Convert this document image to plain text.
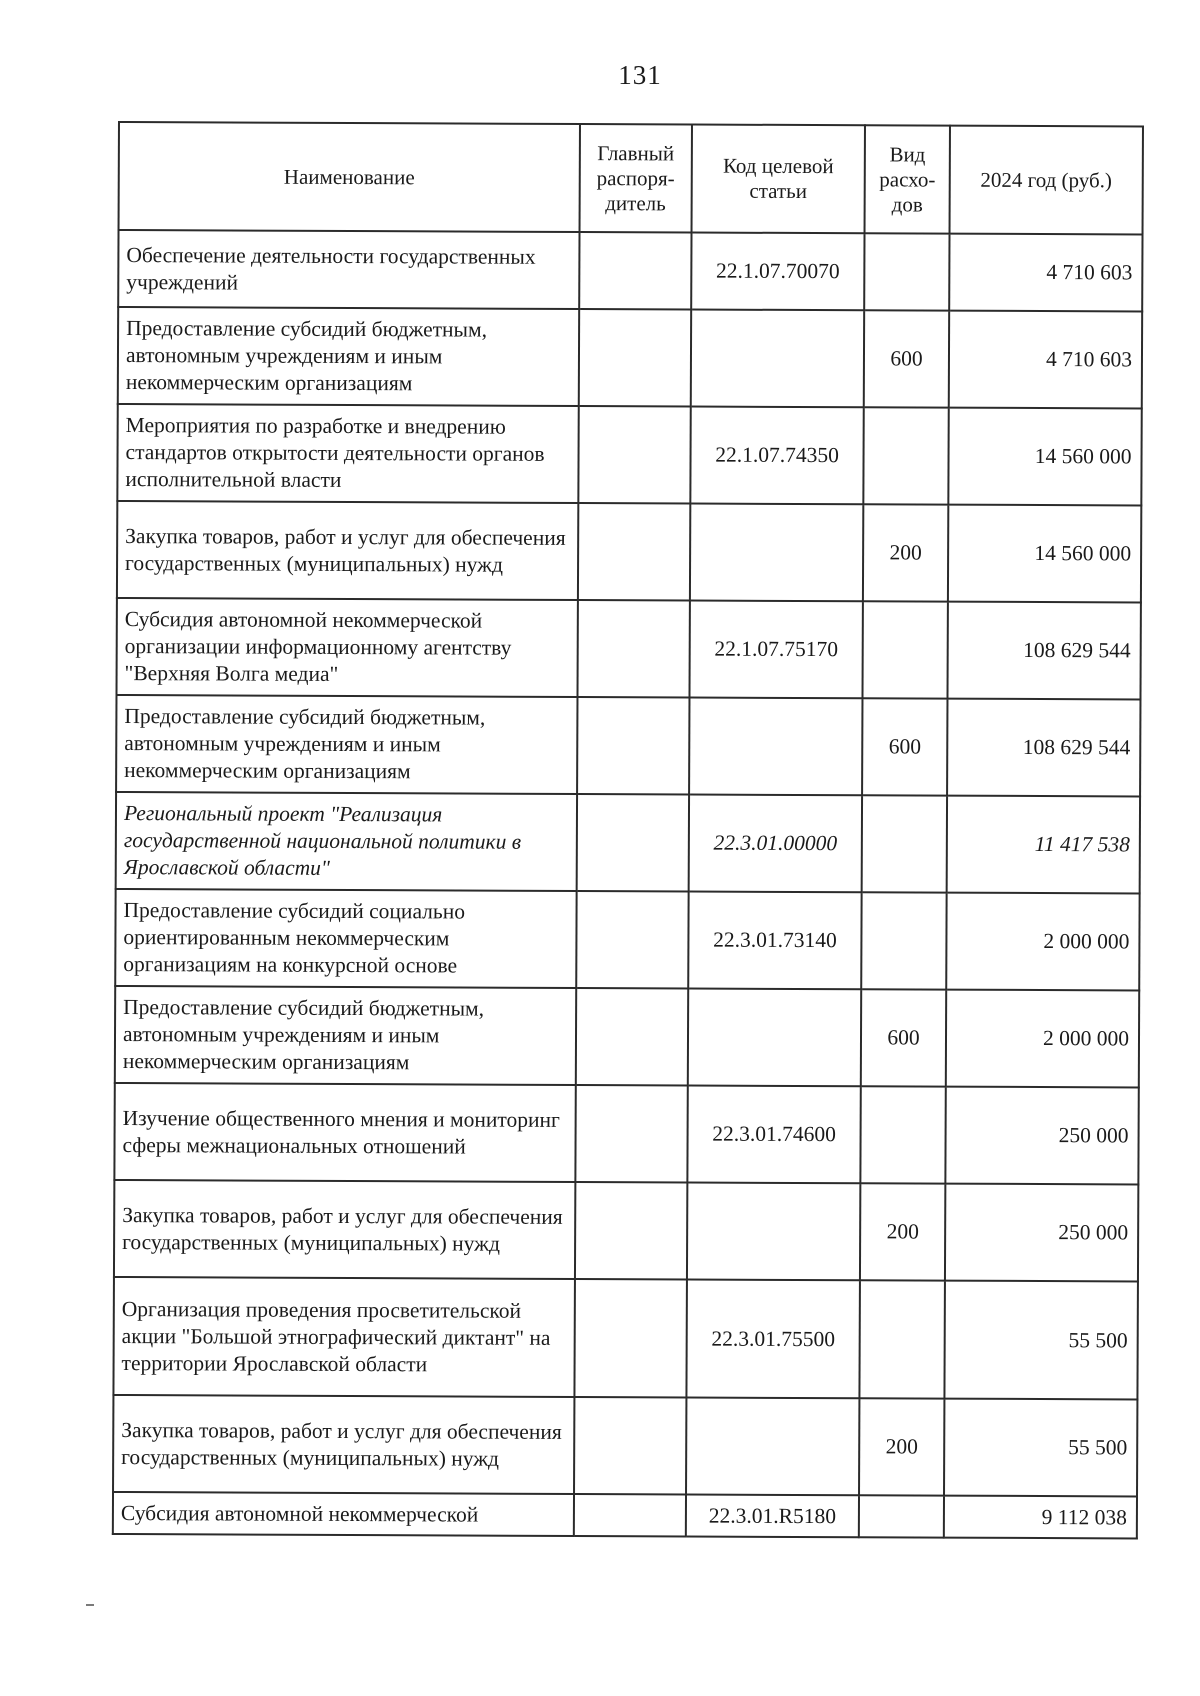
131
Наименование	Главный распоря-дитель	Код целевой статьи	Вид расхо-дов	2024 год (руб.)
Обеспечение деятельности государственных учреждений		22.1.07.70070		4 710 603
Предоставление субсидий бюджетным, автономным учреждениям и иным некоммерческим организациям			600	4 710 603
Мероприятия по разработке и внедрению стандартов открытости деятельности органов исполнительной власти		22.1.07.74350		14 560 000
Закупка товаров, работ и услуг для обеспечения государственных (муниципальных) нужд			200	14 560 000
Субсидия автономной некоммерческой организации информационному агентству "Верхняя Волга медиа"		22.1.07.75170		108 629 544
Предоставление субсидий бюджетным, автономным учреждениям и иным некоммерческим организациям			600	108 629 544
Региональный проект "Реализация государственной национальной политики в Ярославской области"		22.3.01.00000		11 417 538
Предоставление субсидий социально ориентированным некоммерческим организациям на конкурсной основе		22.3.01.73140		2 000 000
Предоставление субсидий бюджетным, автономным учреждениям и иным некоммерческим организациям			600	2 000 000
Изучение общественного мнения и мониторинг сферы межнациональных отношений		22.3.01.74600		250 000
Закупка товаров, работ и услуг для обеспечения государственных (муниципальных) нужд			200	250 000
Организация проведения просветительской акции "Большой этнографический диктант" на территории Ярославской области		22.3.01.75500		55 500
Закупка товаров, работ и услуг для обеспечения государственных (муниципальных) нужд			200	55 500
Субсидия автономной некоммерческой		22.3.01.R5180		9 112 038
